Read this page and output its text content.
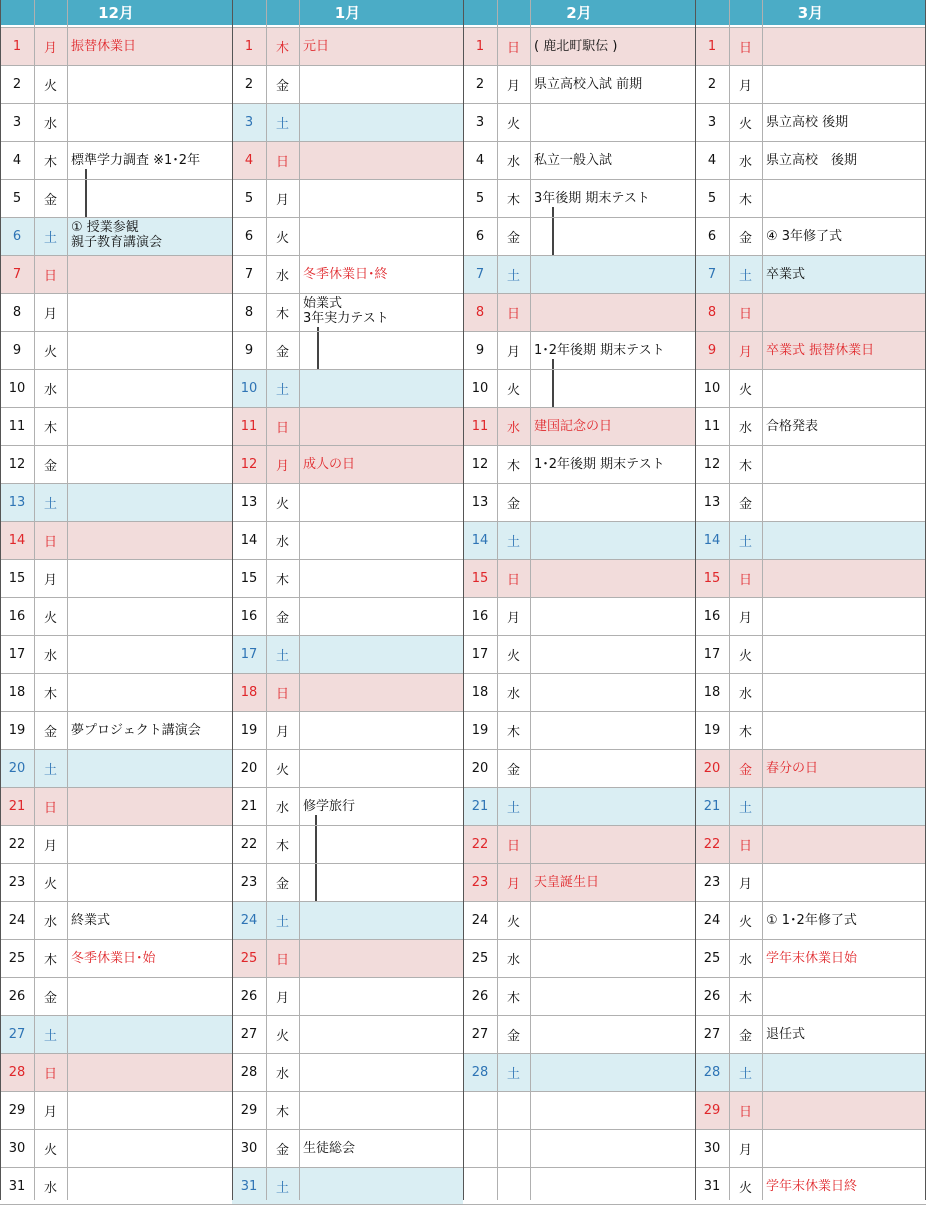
12月
1	月	振替休業日
2	火
3	水
4	木	標準学力調査 ※1･2年
5	金
6	土
① 授業参観
親子教育講演会
7	日
8	月
9	火
10	水
11	木
12	金
13	土
14	日
15	月
16	火
17	水
18	木
19	金	夢プロジェクト講演会
20	土
21	日
22	月
23	火
24	水	終業式
25	木	冬季休業日･始
26	金
27	土
28	日
29	月
30	火
31	水
1月
1	木	元日
2	金
3	土
4	日
5	月
6	火
7	水	冬季休業日･終
8	木
始業式
3年実力テスト
9	金
10	土
11	日
12	月	成人の日
13	火
14	水
15	木
16	金
17	土
18	日
19	月
20	火
21	水	修学旅行
22	木
23	金
24	土
25	日
26	月
27	火
28	水
29	木
30	金	生徒総会
31	土
2月
1	日	( 鹿北町駅伝 )
2	月	県立高校入試 前期
3	火
4	水	私立一般入試
5	木	3年後期 期末テスト
6	金
7	土
8	日
9	月	1･2年後期 期末テスト
10	火
11	水	建国記念の日
12	木	1･2年後期 期末テスト
13	金
14	土
15	日
16	月
17	火
18	水
19	木
20	金
21	土
22	日
23	月	天皇誕生日
24	火
25	水
26	木
27	金
28	土
3月
1	日
2	月
3	火	県立高校 後期
4	水	県立高校　後期
5	木
6	金	④ 3年修了式
7	土	卒業式
8	日
9	月	卒業式 振替休業日
10	火
11	水	合格発表
12	木
13	金
14	土
15	日
16	月
17	火
18	水
19	木
20	金	春分の日
21	土
22	日
23	月
24	火	① 1･2年修了式
25	水	学年末休業日始
26	木
27	金	退任式
28	土
29	日
30	月
31	火	学年末休業日終
